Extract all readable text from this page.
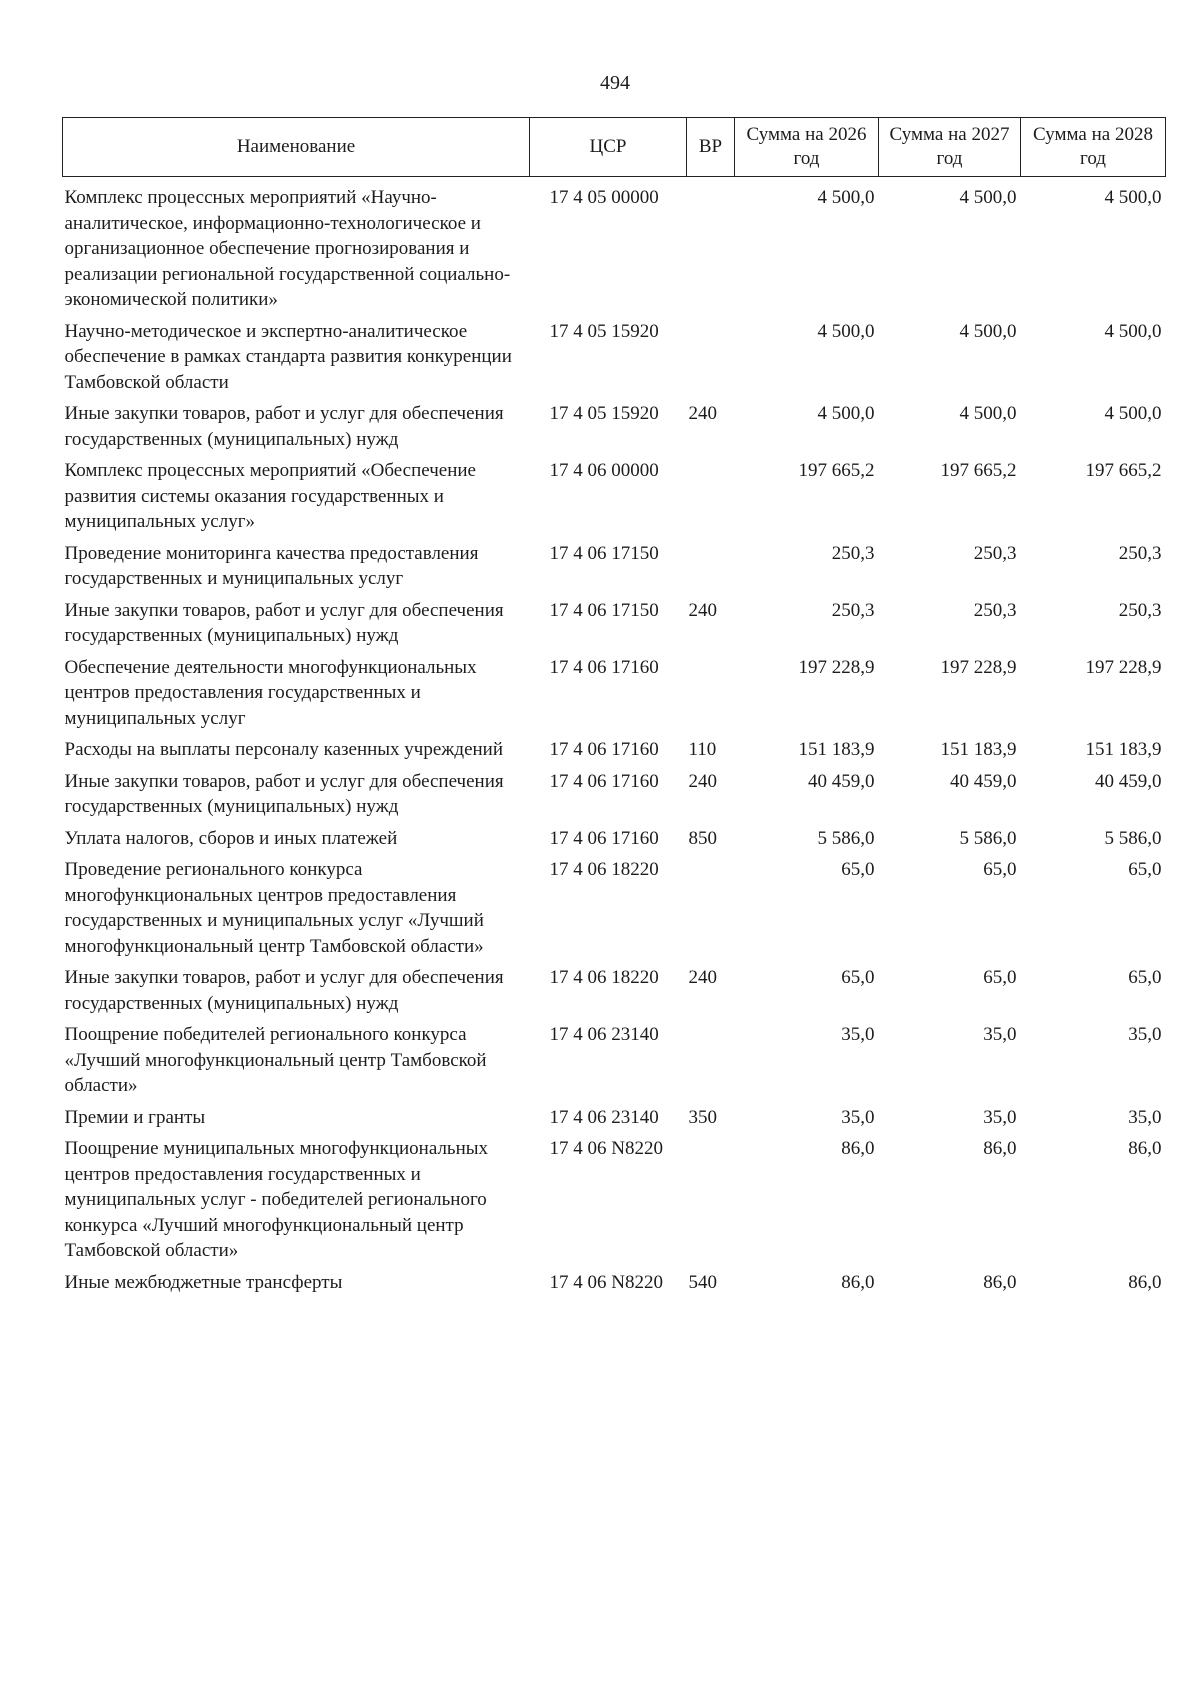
494
Наименование	ЦСР	ВР	Сумма на 2026 год	Сумма на 2027 год	Сумма на 2028 год
Комплекс процессных мероприятий «Научно-аналитическое, информационно-технологическое и организационное обеспечение прогнозирования и реализации региональной государственной социально-экономической политики»	17 4 05 00000		4 500,0	4 500,0	4 500,0
Научно-методическое и экспертно-аналитическое обеспечение в рамках стандарта развития конкуренции Тамбовской области	17 4 05 15920		4 500,0	4 500,0	4 500,0
Иные закупки товаров, работ и услуг для обеспечения государственных (муниципальных) нужд	17 4 05 15920	240	4 500,0	4 500,0	4 500,0
Комплекс процессных мероприятий «Обеспечение развития системы оказания государственных и муниципальных услуг»	17 4 06 00000		197 665,2	197 665,2	197 665,2
Проведение мониторинга качества предоставления государственных и муниципальных услуг	17 4 06 17150		250,3	250,3	250,3
Иные закупки товаров, работ и услуг для обеспечения государственных (муниципальных) нужд	17 4 06 17150	240	250,3	250,3	250,3
Обеспечение деятельности многофункциональных центров предоставления государственных и муниципальных услуг	17 4 06 17160		197 228,9	197 228,9	197 228,9
Расходы на выплаты персоналу казенных учреждений	17 4 06 17160	110	151 183,9	151 183,9	151 183,9
Иные закупки товаров, работ и услуг для обеспечения государственных (муниципальных) нужд	17 4 06 17160	240	40 459,0	40 459,0	40 459,0
Уплата налогов, сборов и иных платежей	17 4 06 17160	850	5 586,0	5 586,0	5 586,0
Проведение регионального конкурса многофункциональных центров предоставления государственных и муниципальных услуг «Лучший многофункциональный центр Тамбовской области»	17 4 06 18220		65,0	65,0	65,0
Иные закупки товаров, работ и услуг для обеспечения государственных (муниципальных) нужд	17 4 06 18220	240	65,0	65,0	65,0
Поощрение победителей регионального конкурса «Лучший многофункциональный центр Тамбовской области»	17 4 06 23140		35,0	35,0	35,0
Премии и гранты	17 4 06 23140	350	35,0	35,0	35,0
Поощрение муниципальных многофункциональных центров предоставления государственных и муниципальных услуг - победителей регионального конкурса «Лучший многофункциональный центр Тамбовской области»	17 4 06 N8220		86,0	86,0	86,0
Иные межбюджетные трансферты	17 4 06 N8220	540	86,0	86,0	86,0
